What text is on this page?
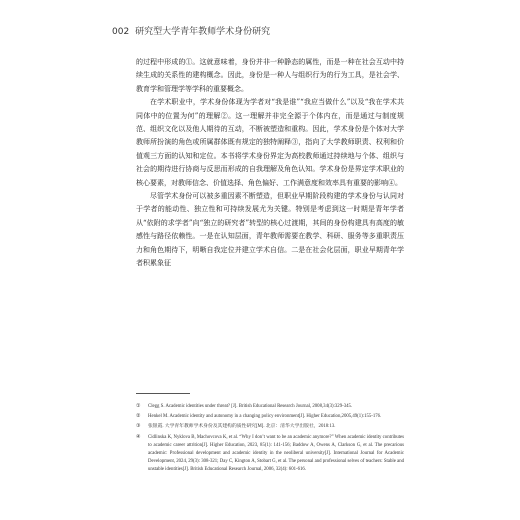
002 研究型大学青年教师学术身份研究

的过程中形成的①。这就意味着，身份并非一种静态的属性，而是一种在社会互动中持续生成的关系性的建构概念。因此，身份是一种人与组织行为的行为工具，是社会学、教育学和管理学等学科的重要概念。

在学术职业中，学术身份体现为学者对“我是谁”“我应当做什么”以及“我在学术共同体中的位置为何”的理解②。这一理解并非完全源于个体内在，而是通过与制度规范、组织文化以及他人期待的互动，不断被塑造和重构。因此，学术身份是个体对大学教师所扮演的角色或所属群体既有规定的独特阐释③，指向了大学教师职责、权利和价值观三方面的认知和定位。本书将学术身份界定为高校教师通过持续地与个体、组织与社会的期待进行协商与反思而形成的自我理解及角色认知。学术身份是界定学术职业的核心要素，对教师信念、价值选择、角色偏好、工作满意度和效率具有重要的影响④。

尽管学术身份可以被多重因素不断塑造，但职业早期阶段构建的学术身份与认同对于学者的能动性、独立性和可持续发展尤为关键。特别是考虑到这一时期是青年学者从“依附的求学者”向“独立的研究者”转型的核心过渡期，其间的身份构建具有高度的敏感性与路径依赖性。一是在认知层面，青年教师需要在教学、科研、服务等多重职责压力和角色期待下，明晰自我定位并建立学术自信。二是在社会化层面，职业早期青年学者积累象征

①	Clegg S. Academic identities under threat? [J]. British Educational Research Journal, 2008,34(3):329-345.
②	Henkel M. Academic identity and autonomy in a changing policy environment[J]. Higher Education,2005,49(1):155-176.
③	张银霞. 大学青年教师学术身份及其建构的质性研究[M]. 北京：清华大学出版社，2018:13.
④	Cidlinska K, Nyklova B, Machovcova K, et al. “Why I don’t want to be an academic anymore?” When academic identity contributes to academic career attrition[J]. Higher Education, 2023, 85(1): 141-156; Baddow A, Owens A, Clarkson G, et al. The precarious academic: Professional development and academic identity in the neoliberal university[J]. International Journal for Academic Development, 2024, 29(3): 308-321; Day C, Kington A, Stobart G, et al. The personal and professional selves of teachers: Stable and unstable identities[J]. British Educational Research Journal, 2006, 32(4): 601-616.
